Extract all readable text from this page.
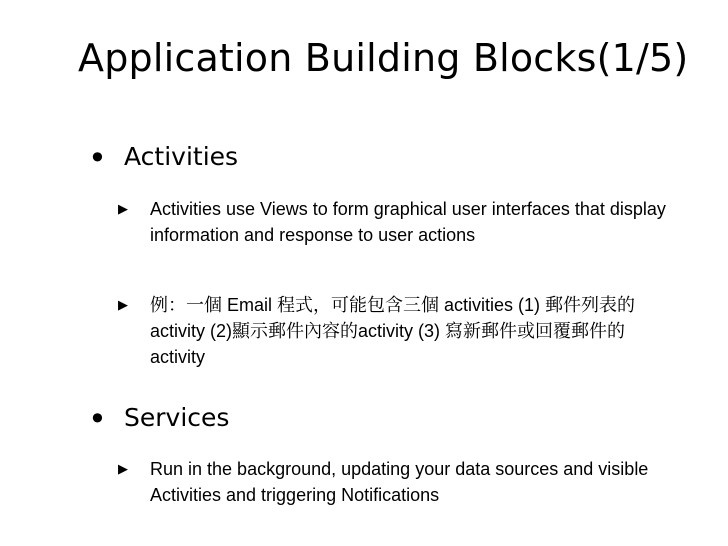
Application Building Blocks(1/5)
• Activities
▶ Activities use Views to form graphical user interfaces that display information and response to user actions
▶ 例：一個 Email 程式，可能包含三個 activities (1) 郵件列表的activity (2)顯示郵件內容的activity (3) 寫新郵件或回覆郵件的activity
• Services
▶ Run in the background, updating your data sources and visible Activities and triggering Notifications
